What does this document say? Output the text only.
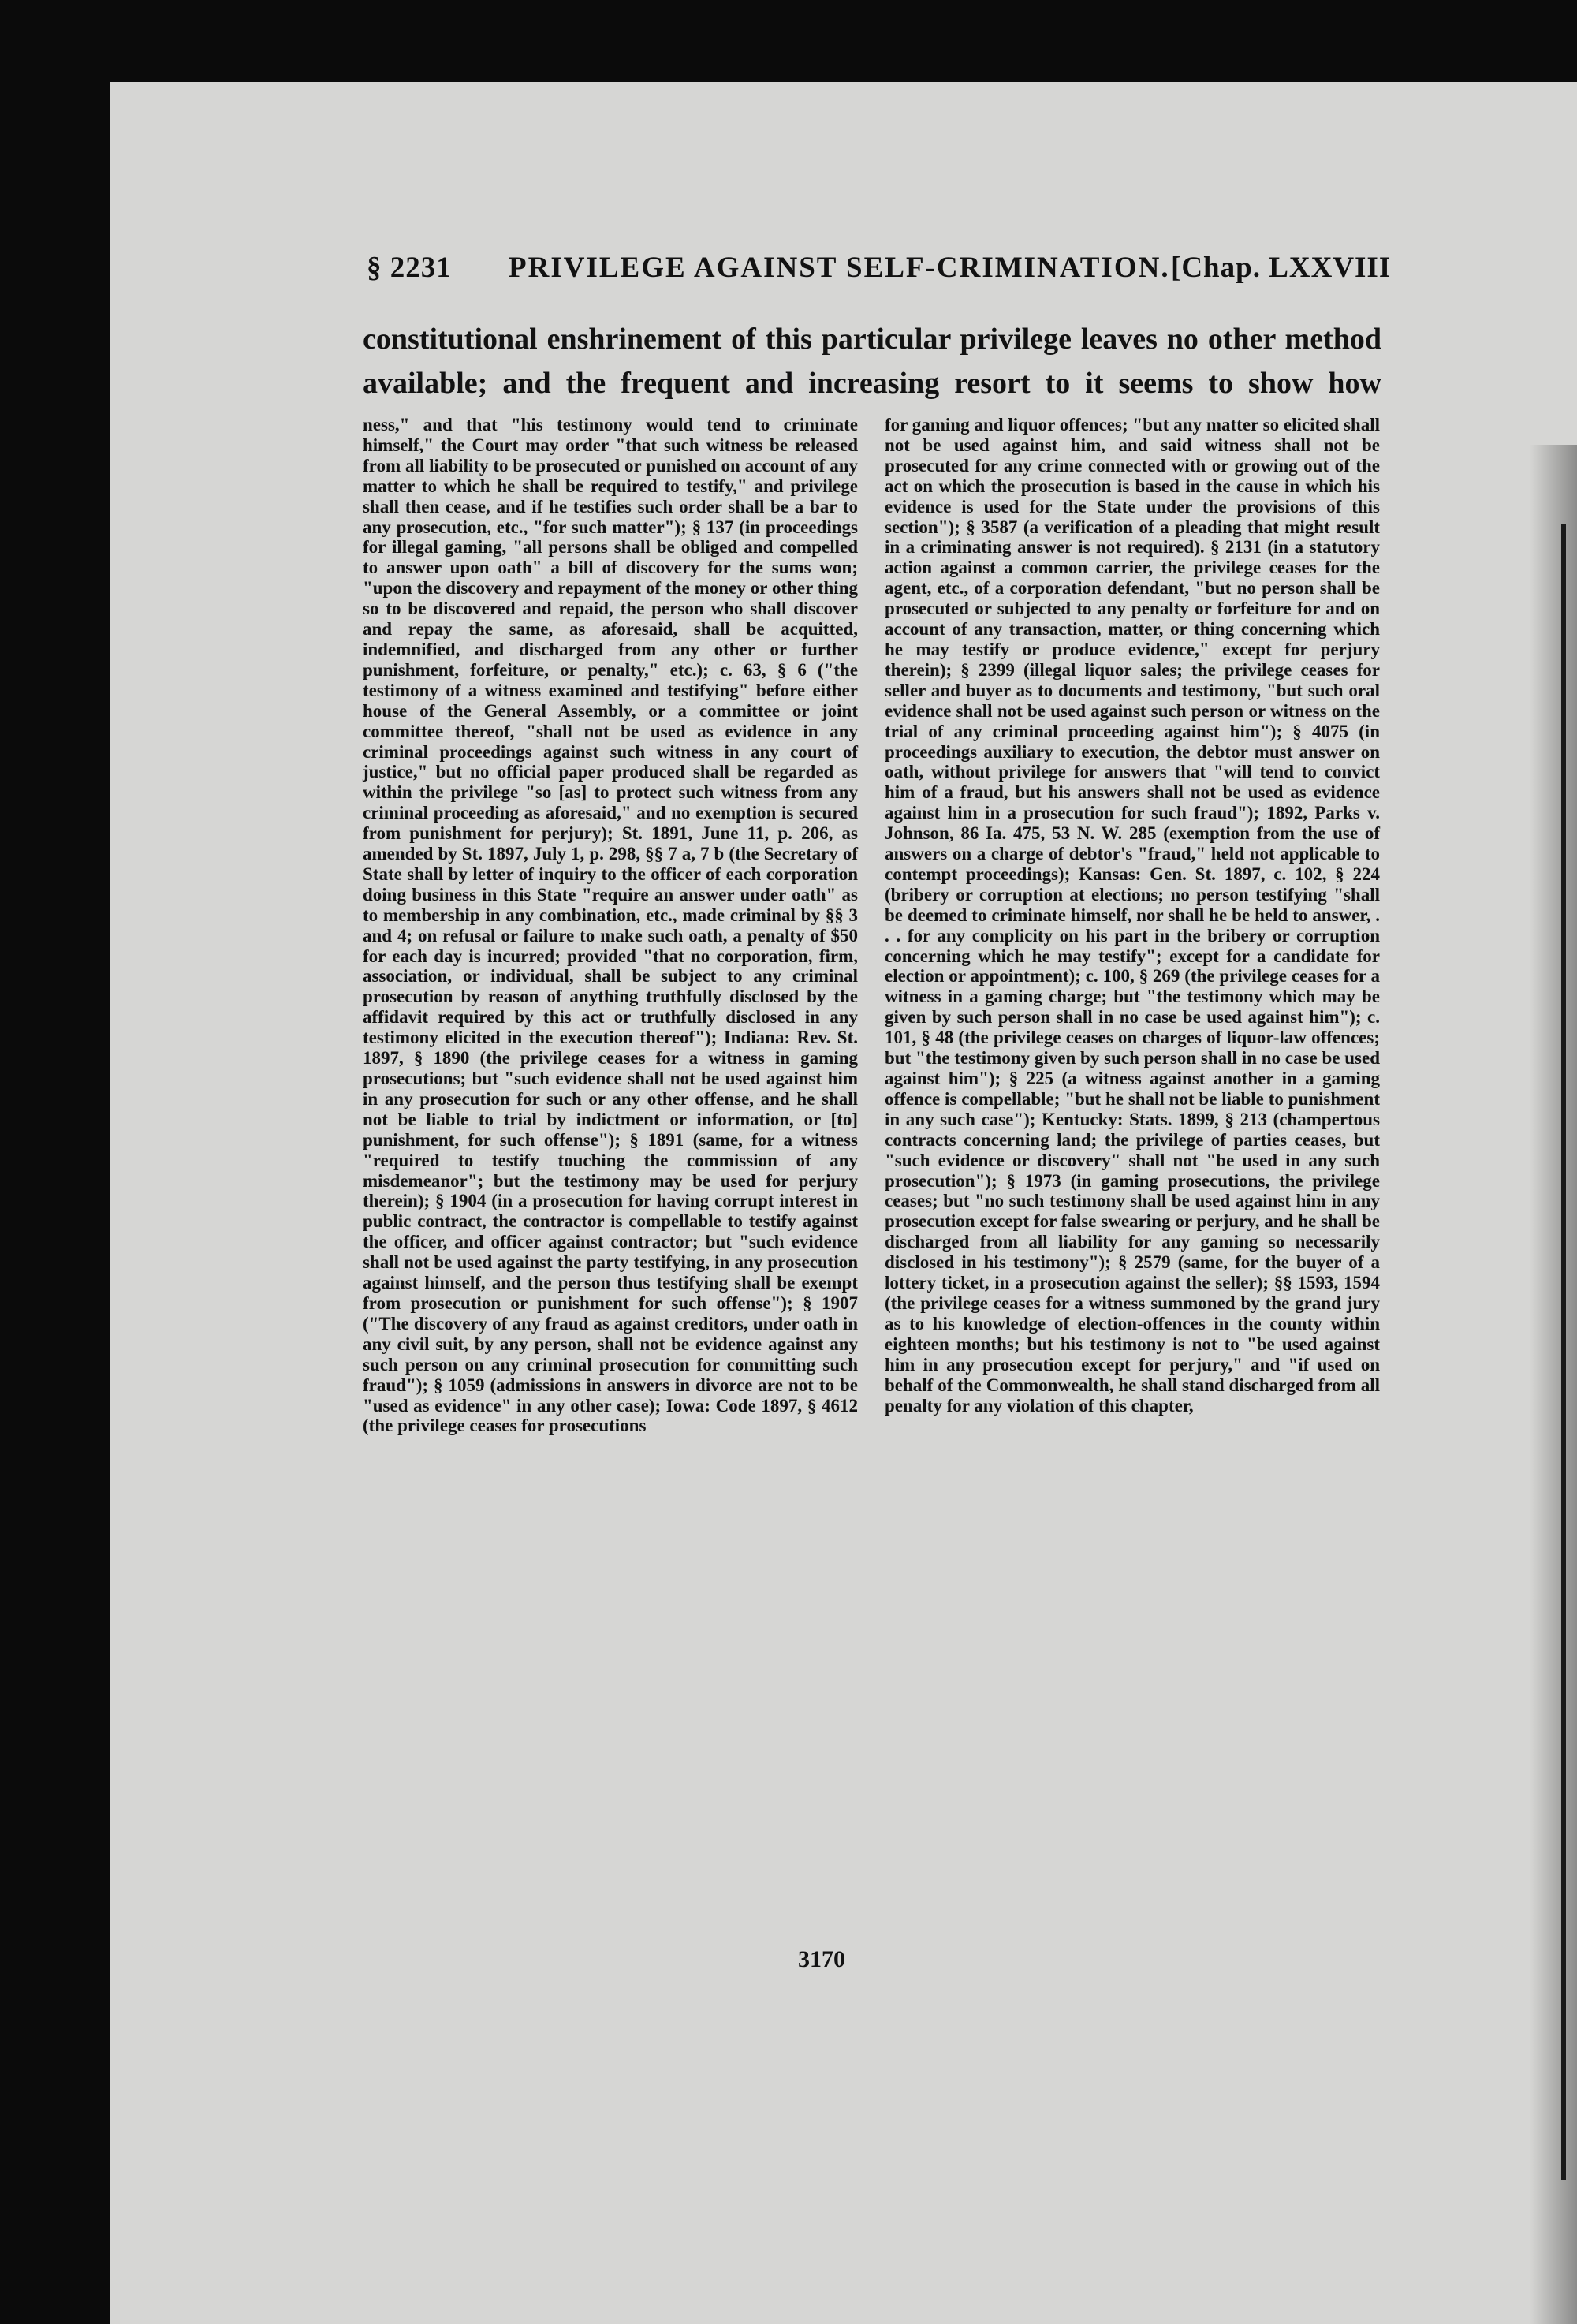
§ 2231 PRIVILEGE AGAINST SELF-CRIMINATION. [Chap. LXXVIII
constitutional enshrinement of this particular privilege leaves no other method available; and the frequent and increasing resort to it seems to show how
ness," and that "his testimony would tend to criminate himself," the Court may order "that such witness be released from all liability to be prosecuted or punished on account of any matter to which he shall be required to testify," and privilege shall then cease, and if he testifies such order shall be a bar to any prosecution, etc., "for such matter"); § 137 (in proceedings for illegal gaming, "all persons shall be obliged and compelled to answer upon oath" a bill of discovery for the sums won; "upon the discovery and repayment of the money or other thing so to be discovered and repaid, the person who shall discover and repay the same, as aforesaid, shall be acquitted, indemnified, and discharged from any other or further punishment, forfeiture, or penalty," etc.); c. 63, § 6 ("the testimony of a witness examined and testifying" before either house of the General Assembly, or a committee or joint committee thereof, "shall not be used as evidence in any criminal proceedings against such witness in any court of justice," but no official paper produced shall be regarded as within the privilege "so [as] to protect such witness from any criminal proceeding as aforesaid," and no exemption is secured from punishment for perjury); St. 1891, June 11, p. 206, as amended by St. 1897, July 1, p. 298, §§ 7 a, 7 b (the Secretary of State shall by letter of inquiry to the officer of each corporation doing business in this State "require an answer under oath" as to membership in any combination, etc., made criminal by §§ 3 and 4; on refusal or failure to make such oath, a penalty of $50 for each day is incurred; provided "that no corporation, firm, association, or individual, shall be subject to any criminal prosecution by reason of anything truthfully disclosed by the affidavit required by this act or truthfully disclosed in any testimony elicited in the execution thereof"); Indiana: Rev. St. 1897, § 1890 (the privilege ceases for a witness in gaming prosecutions; but "such evidence shall not be used against him in any prosecution for such or any other offense, and he shall not be liable to trial by indictment or information, or [to] punishment, for such offense"); § 1891 (same, for a witness "required to testify touching the commission of any misdemeanor"; but the testimony may be used for perjury therein); § 1904 (in a prosecution for having corrupt interest in public contract, the contractor is compellable to testify against the officer, and officer against contractor; but "such evidence shall not be used against the party testifying, in any prosecution against himself, and the person thus testifying shall be exempt from prosecution or punishment for such offense"); § 1907 ("The discovery of any fraud as against creditors, under oath in any civil suit, by any person, shall not be evidence against any such person on any criminal prosecution for committing such fraud"); § 1059 (admissions in answers in divorce are not to be "used as evidence" in any other case); Iowa: Code 1897, § 4612 (the privilege ceases for prosecutions
for gaming and liquor offences; "but any matter so elicited shall not be used against him, and said witness shall not be prosecuted for any crime connected with or growing out of the act on which the prosecution is based in the cause in which his evidence is used for the State under the provisions of this section"); § 3587 (a verification of a pleading that might result in a criminating answer is not required). § 2131 (in a statutory action against a common carrier, the privilege ceases for the agent, etc., of a corporation defendant, "but no person shall be prosecuted or subjected to any penalty or forfeiture for and on account of any transaction, matter, or thing concerning which he may testify or produce evidence," except for perjury therein); § 2399 (illegal liquor sales; the privilege ceases for seller and buyer as to documents and testimony, "but such oral evidence shall not be used against such person or witness on the trial of any criminal proceeding against him"); § 4075 (in proceedings auxiliary to execution, the debtor must answer on oath, without privilege for answers that "will tend to convict him of a fraud, but his answers shall not be used as evidence against him in a prosecution for such fraud"); 1892, Parks v. Johnson, 86 Ia. 475, 53 N. W. 285 (exemption from the use of answers on a charge of debtor's "fraud," held not applicable to contempt proceedings); Kansas: Gen. St. 1897, c. 102, § 224 (bribery or corruption at elections; no person testifying "shall be deemed to criminate himself, nor shall he be held to answer, . . . for any complicity on his part in the bribery or corruption concerning which he may testify"; except for a candidate for election or appointment); c. 100, § 269 (the privilege ceases for a witness in a gaming charge; but "the testimony which may be given by such person shall in no case be used against him"); c. 101, § 48 (the privilege ceases on charges of liquor-law offences; but "the testimony given by such person shall in no case be used against him"); § 225 (a witness against another in a gaming offence is compellable; "but he shall not be liable to punishment in any such case"); Kentucky: Stats. 1899, § 213 (champertous contracts concerning land; the privilege of parties ceases, but "such evidence or discovery" shall not "be used in any such prosecution"); § 1973 (in gaming prosecutions, the privilege ceases; but "no such testimony shall be used against him in any prosecution except for false swearing or perjury, and he shall be discharged from all liability for any gaming so necessarily disclosed in his testimony"); § 2579 (same, for the buyer of a lottery ticket, in a prosecution against the seller); §§ 1593, 1594 (the privilege ceases for a witness summoned by the grand jury as to his knowledge of election-offences in the county within eighteen months; but his testimony is not to "be used against him in any prosecution except for perjury," and "if used on behalf of the Commonwealth, he shall stand discharged from all penalty for any violation of this chapter,
3170
